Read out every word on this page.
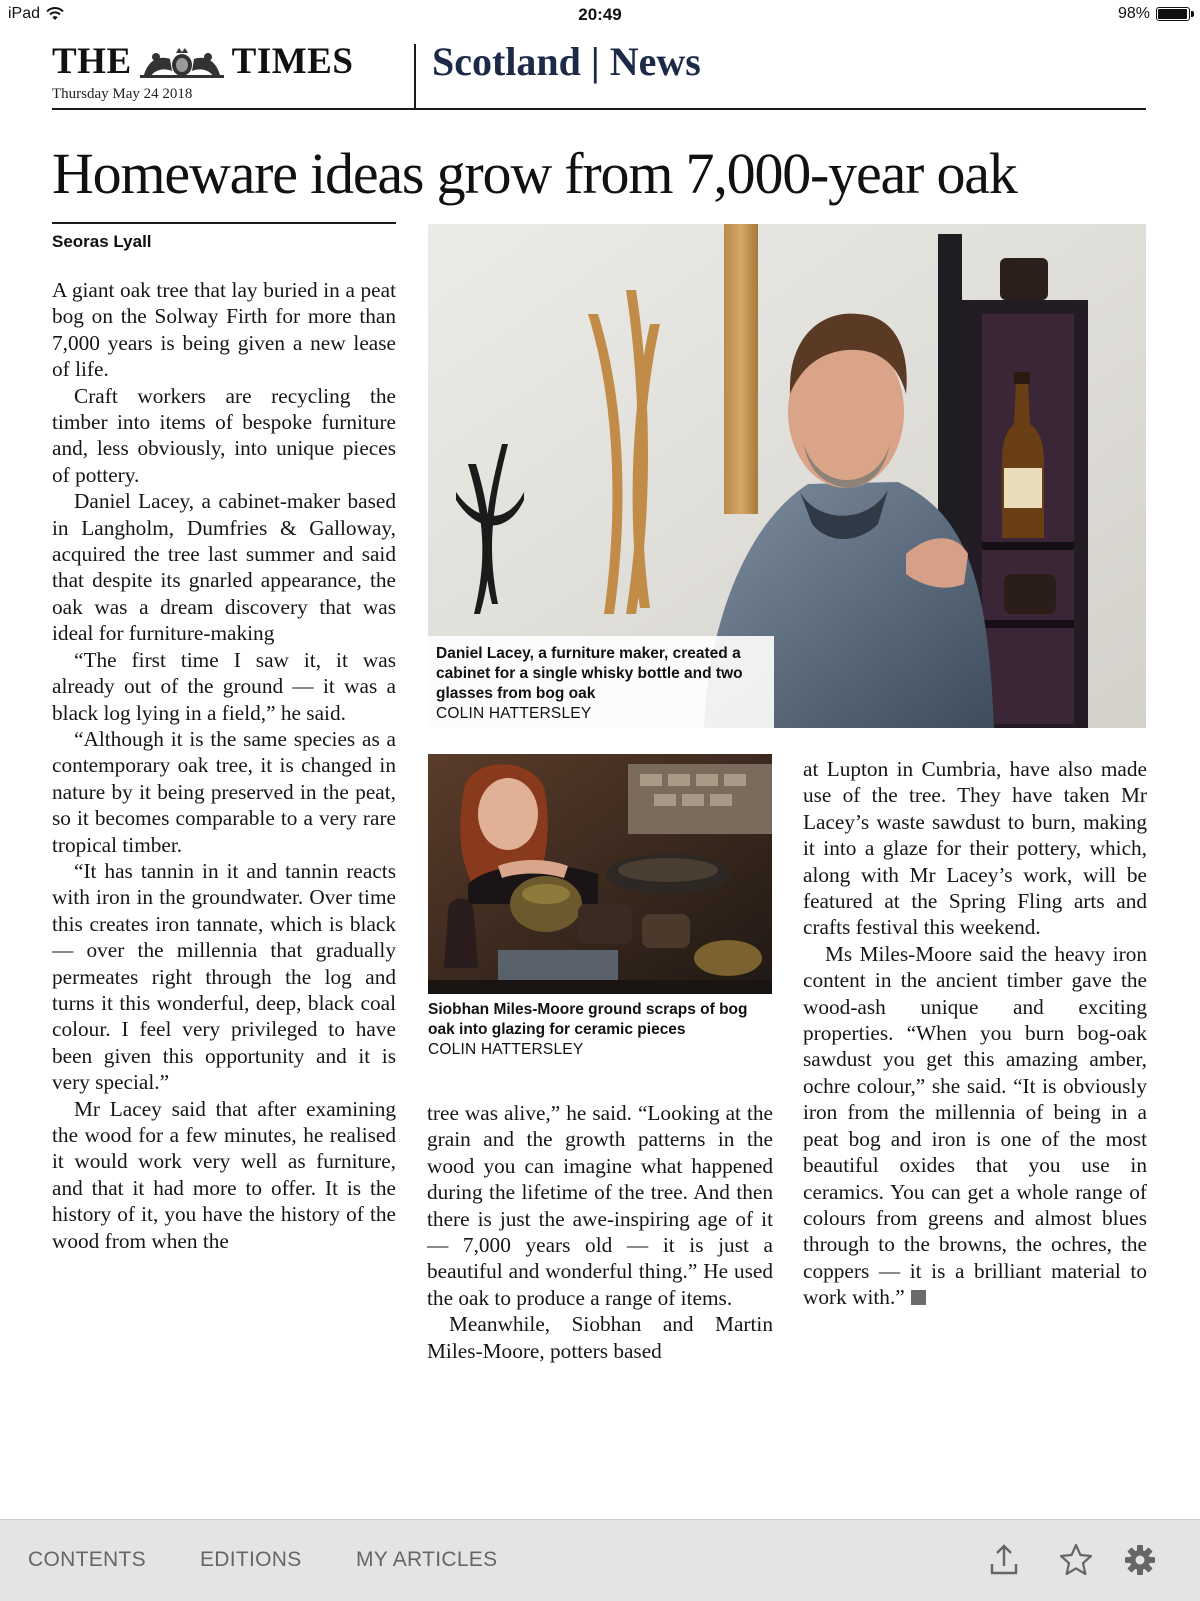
iPad	20:49	98%
THE	TIMES
Thursday May 24 2018
Scotland | News
Homeware ideas grow from 7,000-year oak
Seoras Lyall

A giant oak tree that lay buried in a peat bog on the Solway Firth for more than 7,000 years is being given a new lease of life.

Craft workers are recycling the timber into items of bespoke furniture and, less obviously, into unique pieces of pottery.

Daniel Lacey, a cabinet-maker based in Langholm, Dumfries & Galloway, acquired the tree last summer and said that despite its gnarled appearance, the oak was a dream discovery that was ideal for furniture-making

“The first time I saw it, it was already out of the ground — it was a black log lying in a field,” he said.

“Although it is the same species as a contemporary oak tree, it is changed in nature by it being preserved in the peat, so it becomes comparable to a very rare tropical timber.

“It has tannin in it and tannin reacts with iron in the groundwater. Over time this creates iron tannate, which is black — over the millennia that gradually permeates right through the log and turns it this wonderful, deep, black coal colour. I feel very privileged to have been given this opportunity and it is very special.”

Mr Lacey said that after examining the wood for a few minutes, he realised it would work very well as furniture, and that it had more to offer. It is the history of it, you have the history of the wood from when the

Daniel Lacey, a furniture maker, created a cabinet for a single whisky bottle and two glasses from bog oak
COLIN HATTERSLEY
Siobhan Miles-Moore ground scraps of bog oak into glazing for ceramic pieces
COLIN HATTERSLEY

tree was alive,” he said. “Looking at the grain and the growth patterns in the wood you can imagine what happened during the lifetime of the tree. And then there is just the awe-inspiring age of it — 7,000 years old — it is just a beautiful and wonderful thing.” He used the oak to produce a range of items.

Meanwhile, Siobhan and Martin Miles-Moore, potters based

at Lupton in Cumbria, have also made use of the tree. They have taken Mr Lacey’s waste sawdust to burn, making it into a glaze for their pottery, which, along with Mr Lacey’s work, will be featured at the Spring Fling arts and crafts festival this weekend.

Ms Miles-Moore said the heavy iron content in the ancient timber gave the wood-ash unique and exciting properties. “When you burn bog-oak sawdust you get this amazing amber, ochre colour,” she said. “It is obviously iron from the millennia of being in a peat bog and iron is one of the most beautiful oxides that you use in ceramics. You can get a whole range of colours from greens and almost blues through to the browns, the ochres, the coppers — it is a brilliant material to work with.”

CONTENTS	EDITIONS	MY ARTICLES
